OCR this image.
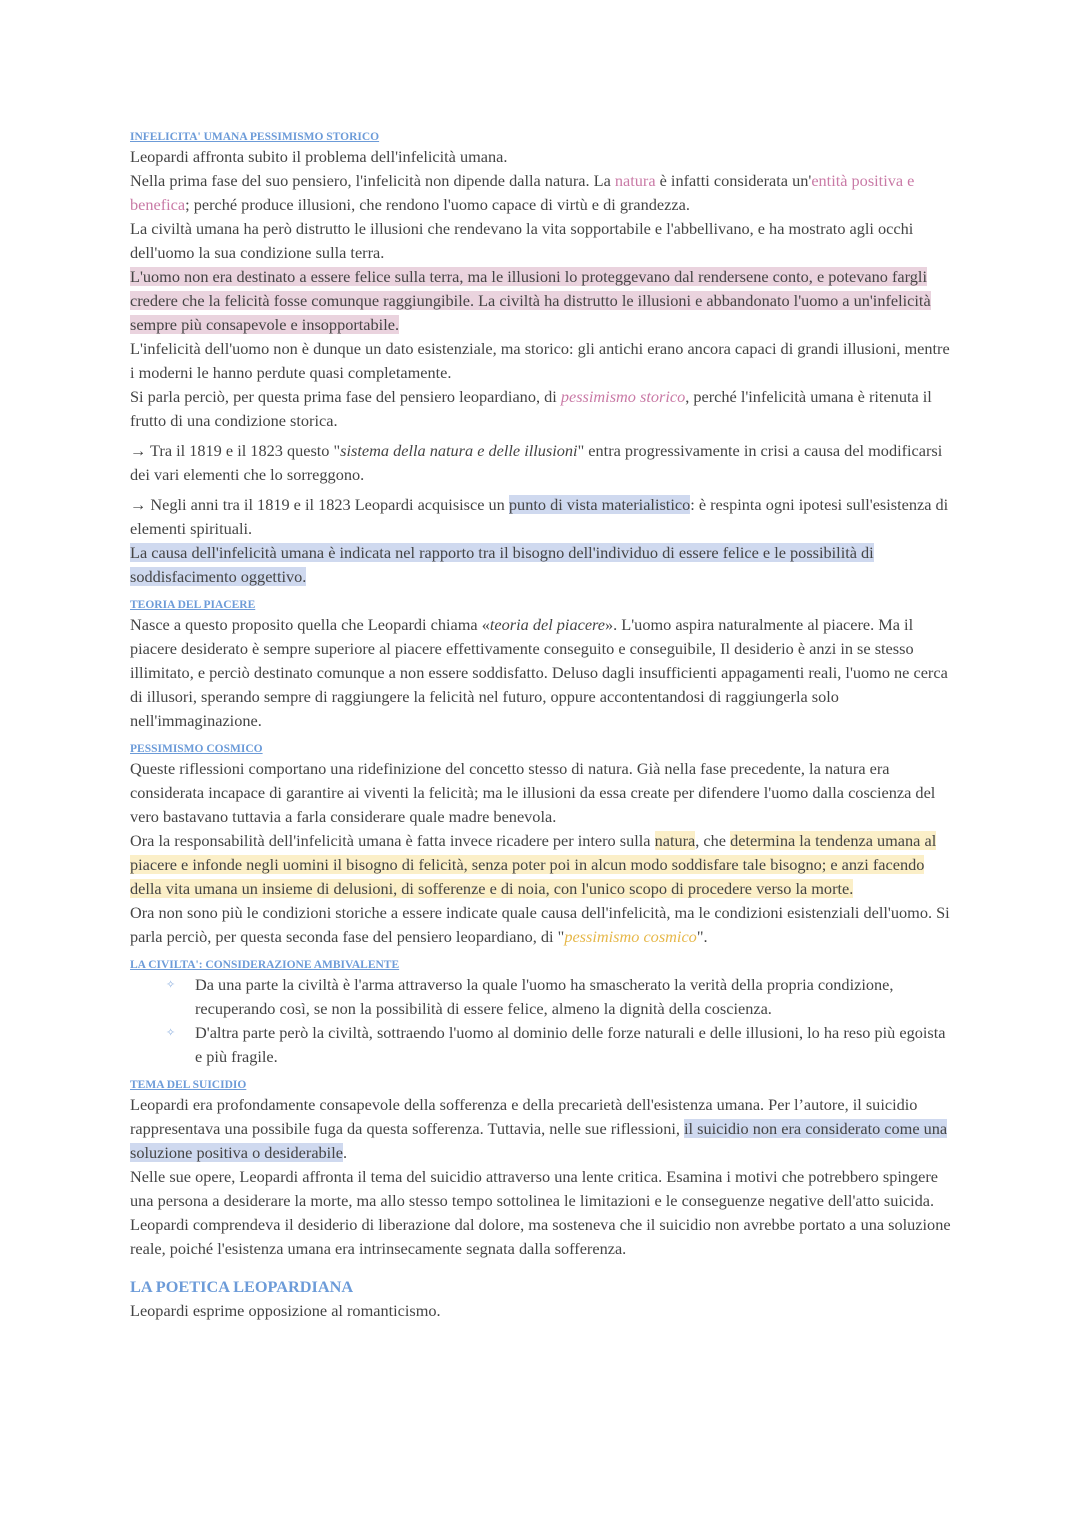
INFELICITA' UMANA PESSIMISMO STORICO

Leopardi affronta subito il problema dell'infelicità umana.

Nella prima fase del suo pensiero, l'infelicità non dipende dalla natura. La natura è infatti considerata un'entità positiva e benefica; perché produce illusioni, che rendono l'uomo capace di virtù e di grandezza.

La civiltà umana ha però distrutto le illusioni che rendevano la vita sopportabile e l'abbellivano, e ha mostrato agli occhi dell'uomo la sua condizione sulla terra.

L'uomo non era destinato a essere felice sulla terra, ma le illusioni lo proteggevano dal rendersene conto, e potevano fargli credere che la felicità fosse comunque raggiungibile. La civiltà ha distrutto le illusioni e abbandonato l'uomo a un'infelicità sempre più consapevole e insopportabile.

L'infelicità dell'uomo non è dunque un dato esistenziale, ma storico: gli antichi erano ancora capaci di grandi illusioni, mentre i moderni le hanno perdute quasi completamente.

Si parla perciò, per questa prima fase del pensiero leopardiano, di pessimismo storico, perché l'infelicità umana è ritenuta il frutto di una condizione storica.

→ Tra il 1819 e il 1823 questo "sistema della natura e delle illusioni" entra progressivamente in crisi a causa del modificarsi dei vari elementi che lo sorreggono.

→ Negli anni tra il 1819 e il 1823 Leopardi acquisisce un punto di vista materialistico: è respinta ogni ipotesi sull'esistenza di elementi spirituali.

La causa dell'infelicità umana è indicata nel rapporto tra il bisogno dell'individuo di essere felice e le possibilità di soddisfacimento oggettivo.

TEORIA DEL PIACERE

Nasce a questo proposito quella che Leopardi chiama «teoria del piacere». L'uomo aspira naturalmente al piacere. Ma il piacere desiderato è sempre superiore al piacere effettivamente conseguito e conseguibile, Il desiderio è anzi in se stesso illimitato, e perciò destinato comunque a non essere soddisfatto. Deluso dagli insufficienti appagamenti reali, l'uomo ne cerca di illusori, sperando sempre di raggiungere la felicità nel futuro, oppure accontentandosi di raggiungerla solo nell'immaginazione.

PESSIMISMO COSMICO

Queste riflessioni comportano una ridefinizione del concetto stesso di natura. Già nella fase precedente, la natura era considerata incapace di garantire ai viventi la felicità; ma le illusioni da essa create per difendere l'uomo dalla coscienza del vero bastavano tuttavia a farla considerare quale madre benevola.

Ora la responsabilità dell'infelicità umana è fatta invece ricadere per intero sulla natura, che determina la tendenza umana al piacere e infonde negli uomini il bisogno di felicità, senza poter poi in alcun modo soddisfare tale bisogno; e anzi facendo della vita umana un insieme di delusioni, di sofferenze e di noia, con l'unico scopo di procedere verso la morte.

Ora non sono più le condizioni storiche a essere indicate quale causa dell'infelicità, ma le condizioni esistenziali dell'uomo. Si parla perciò, per questa seconda fase del pensiero leopardiano, di "pessimismo cosmico".

LA CIVILTA': CONSIDERAZIONE AMBIVALENTE
✧ Da una parte la civiltà è l'arma attraverso la quale l'uomo ha smascherato la verità della propria condizione, recuperando così, se non la possibilità di essere felice, almeno la dignità della coscienza.
✧ D'altra parte però la civiltà, sottraendo l'uomo al dominio delle forze naturali e delle illusioni, lo ha reso più egoista e più fragile.
TEMA DEL SUICIDIO

Leopardi era profondamente consapevole della sofferenza e della precarietà dell'esistenza umana. Per l’autore, il suicidio rappresentava una possibile fuga da questa sofferenza. Tuttavia, nelle sue riflessioni, il suicidio non era considerato come una soluzione positiva o desiderabile.

Nelle sue opere, Leopardi affronta il tema del suicidio attraverso una lente critica. Esamina i motivi che potrebbero spingere una persona a desiderare la morte, ma allo stesso tempo sottolinea le limitazioni e le conseguenze negative dell'atto suicida. Leopardi comprendeva il desiderio di liberazione dal dolore, ma sosteneva che il suicidio non avrebbe portato a una soluzione reale, poiché l'esistenza umana era intrinsecamente segnata dalla sofferenza.

LA POETICA LEOPARDIANA

Leopardi esprime opposizione al romanticismo.
